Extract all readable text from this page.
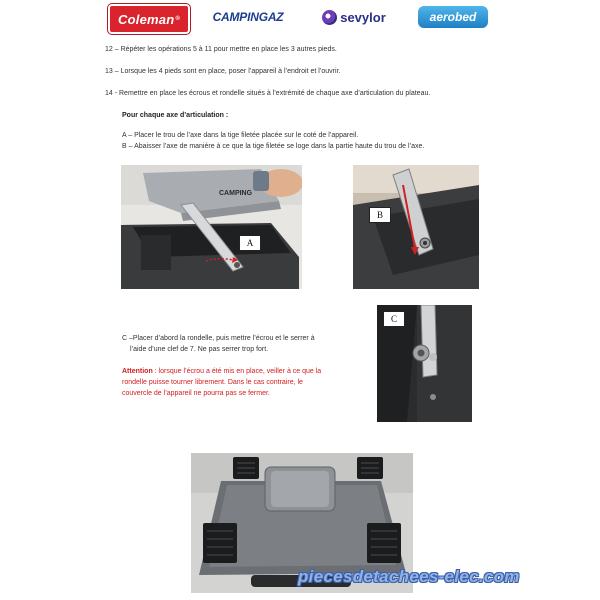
Coleman ®	CAMPINGAZ	sevylor	aerobed
12 – Répéter les opérations 5 à 11 pour mettre en place les 3 autres pieds.
13 – Lorsque les 4 pieds sont en place, poser l’appareil à l’endroit et l’ouvrir.
14 - Remettre en place les écrous et rondelle situés à l’extrémité de chaque axe d’articulation du plateau.
Pour chaque axe d’articulation :
A – Placer le trou de l’axe dans la tige filetée placée sur le coté de l’appareil.
B – Abaisser l’axe de manière à ce que la tige filetée se loge dans la partie haute du trou de l’axe.
CAMPING
A
B
C –Placer d’abord la rondelle, puis mettre l’écrou et le serrer à
l’aide d’une clef de 7. Ne pas serrer trop fort.
Attention : lorsque l’écrou a été mis en place, veiller à ce que la
rondelle puisse tourner librement. Dans le cas contraire, le
couvercle de l’appareil ne pourra pas se fermer.
C
piecesdetachees-elec.com
